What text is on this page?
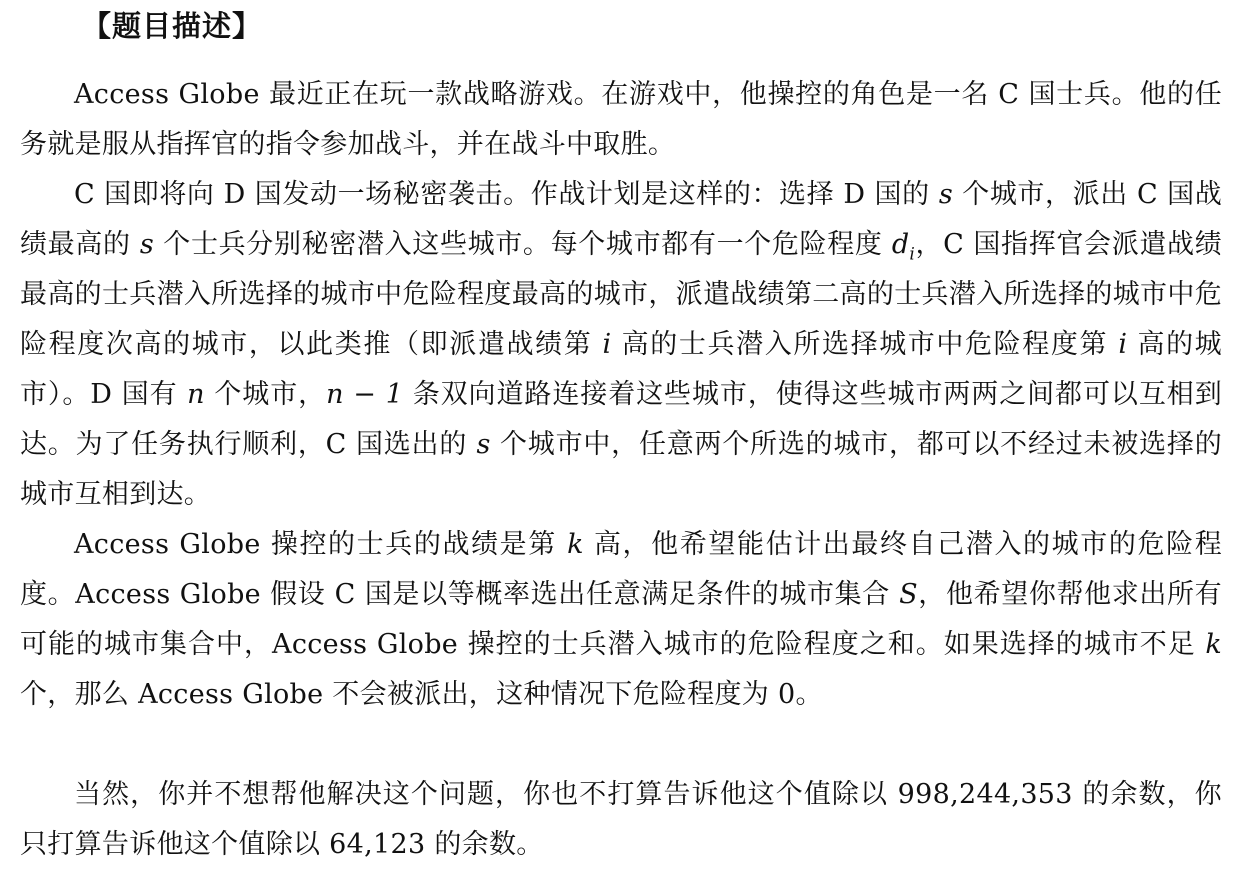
【题目描述】

Access Globe 最近正在玩一款战略游戏。在游戏中，他操控的角色是一名 C 国士兵。他的任务就是服从指挥官的指令参加战斗，并在战斗中取胜。

C 国即将向 D 国发动一场秘密袭击。作战计划是这样的：选择 D 国的 s 个城市，派出 C 国战绩最高的 s 个士兵分别秘密潜入这些城市。每个城市都有一个危险程度 $d_i$，C 国指挥官会派遣战绩最高的士兵潜入所选择的城市中危险程度最高的城市，派遣战绩第二高的士兵潜入所选择的城市中危险程度次高的城市，以此类推（即派遣战绩第 i 高的士兵潜入所选择城市中危险程度第 i 高的城市）。D 国有 n 个城市，n − 1 条双向道路连接着这些城市，使得这些城市两两之间都可以互相到达。为了任务执行顺利，C 国选出的 s 个城市中，任意两个所选的城市，都可以不经过未被选择的城市互相到达。

Access Globe 操控的士兵的战绩是第 k 高，他希望能估计出最终自己潜入的城市的危险程度。Access Globe 假设 C 国是以等概率选出任意满足条件的城市集合 S，他希望你帮他求出所有可能的城市集合中，Access Globe 操控的士兵潜入城市的危险程度之和。如果选择的城市不足 k 个，那么 Access Globe 不会被派出，这种情况下危险程度为 0。

当然，你并不想帮他解决这个问题，你也不打算告诉他这个值除以 998,244,353 的余数，你只打算告诉他这个值除以 64,123 的余数。
